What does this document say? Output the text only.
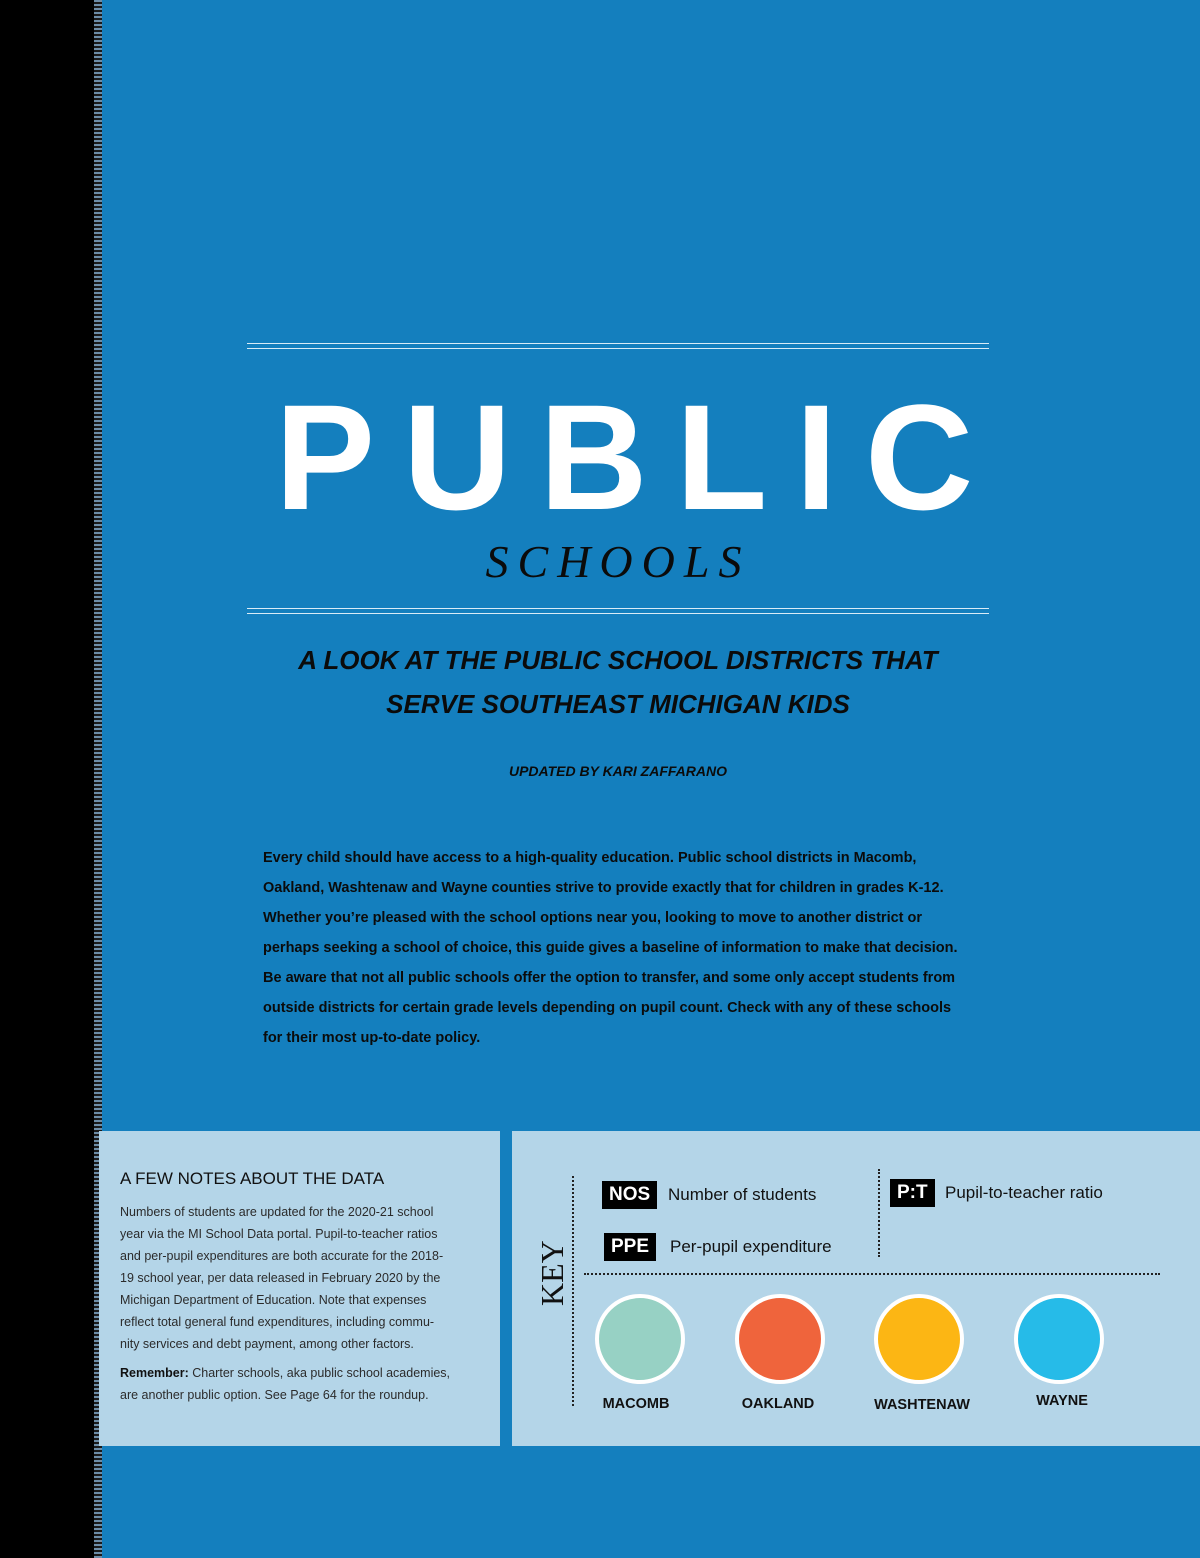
PUBLIC
SCHOOLS
A LOOK AT THE PUBLIC SCHOOL DISTRICTS THAT
SERVE SOUTHEAST MICHIGAN KIDS
UPDATED BY KARI ZAFFARANO
Every child should have access to a high-quality education. Public school districts in Macomb,
Oakland, Washtenaw and Wayne counties strive to provide exactly that for children in grades K-12.
Whether you’re pleased with the school options near you, looking to move to another district or
perhaps seeking a school of choice, this guide gives a baseline of information to make that decision.
Be aware that not all public schools offer the option to transfer, and some only accept students from
outside districts for certain grade levels depending on pupil count. Check with any of these schools
for their most up-to-date policy.
A FEW NOTES ABOUT THE DATA
Numbers of students are updated for the 2020-21 school
year via the MI School Data portal. Pupil-to-teacher ratios
and per-pupil expenditures are both accurate for the 2018-
19 school year, per data released in February 2020 by the
Michigan Department of Education. Note that expenses
reflect total general fund expenditures, including commu-
nity services and debt payment, among other factors.
Remember: Charter schools, aka public school academies,
are another public option. See Page 64 for the roundup.
KEY
NOS	Number of students	P:T	Pupil-to-teacher ratio
PPE	Per-pupil expenditure
MACOMB	OAKLAND	WASHTENAW	WAYNE
